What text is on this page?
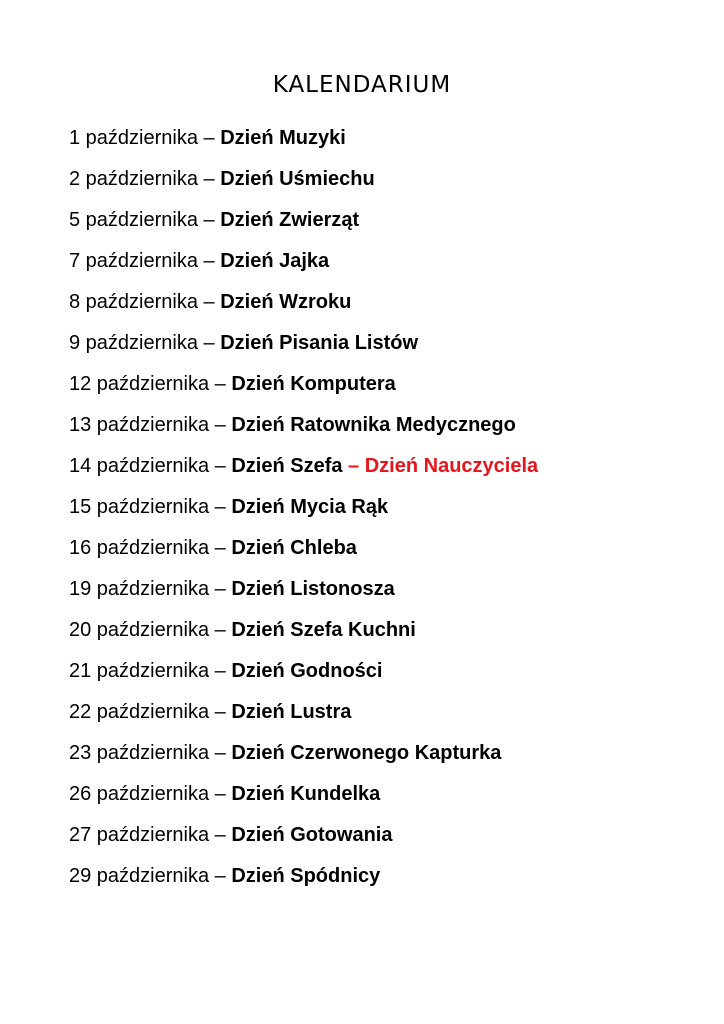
KALENDARIUM
1 października – Dzień Muzyki
2 października – Dzień Uśmiechu
5 października – Dzień Zwierząt
7 października – Dzień Jajka
8 października – Dzień Wzroku
9 października – Dzień Pisania Listów
12 października – Dzień Komputera
13 października – Dzień Ratownika Medycznego
14 października – Dzień Szefa – Dzień Nauczyciela
15 października – Dzień Mycia Rąk
16 października – Dzień Chleba
19 października – Dzień Listonosza
20 października – Dzień Szefa Kuchni
21 października – Dzień Godności
22 października – Dzień Lustra
23 października – Dzień Czerwonego Kapturka
26 października – Dzień Kundelka
27 października – Dzień Gotowania
29 października – Dzień Spódnicy
